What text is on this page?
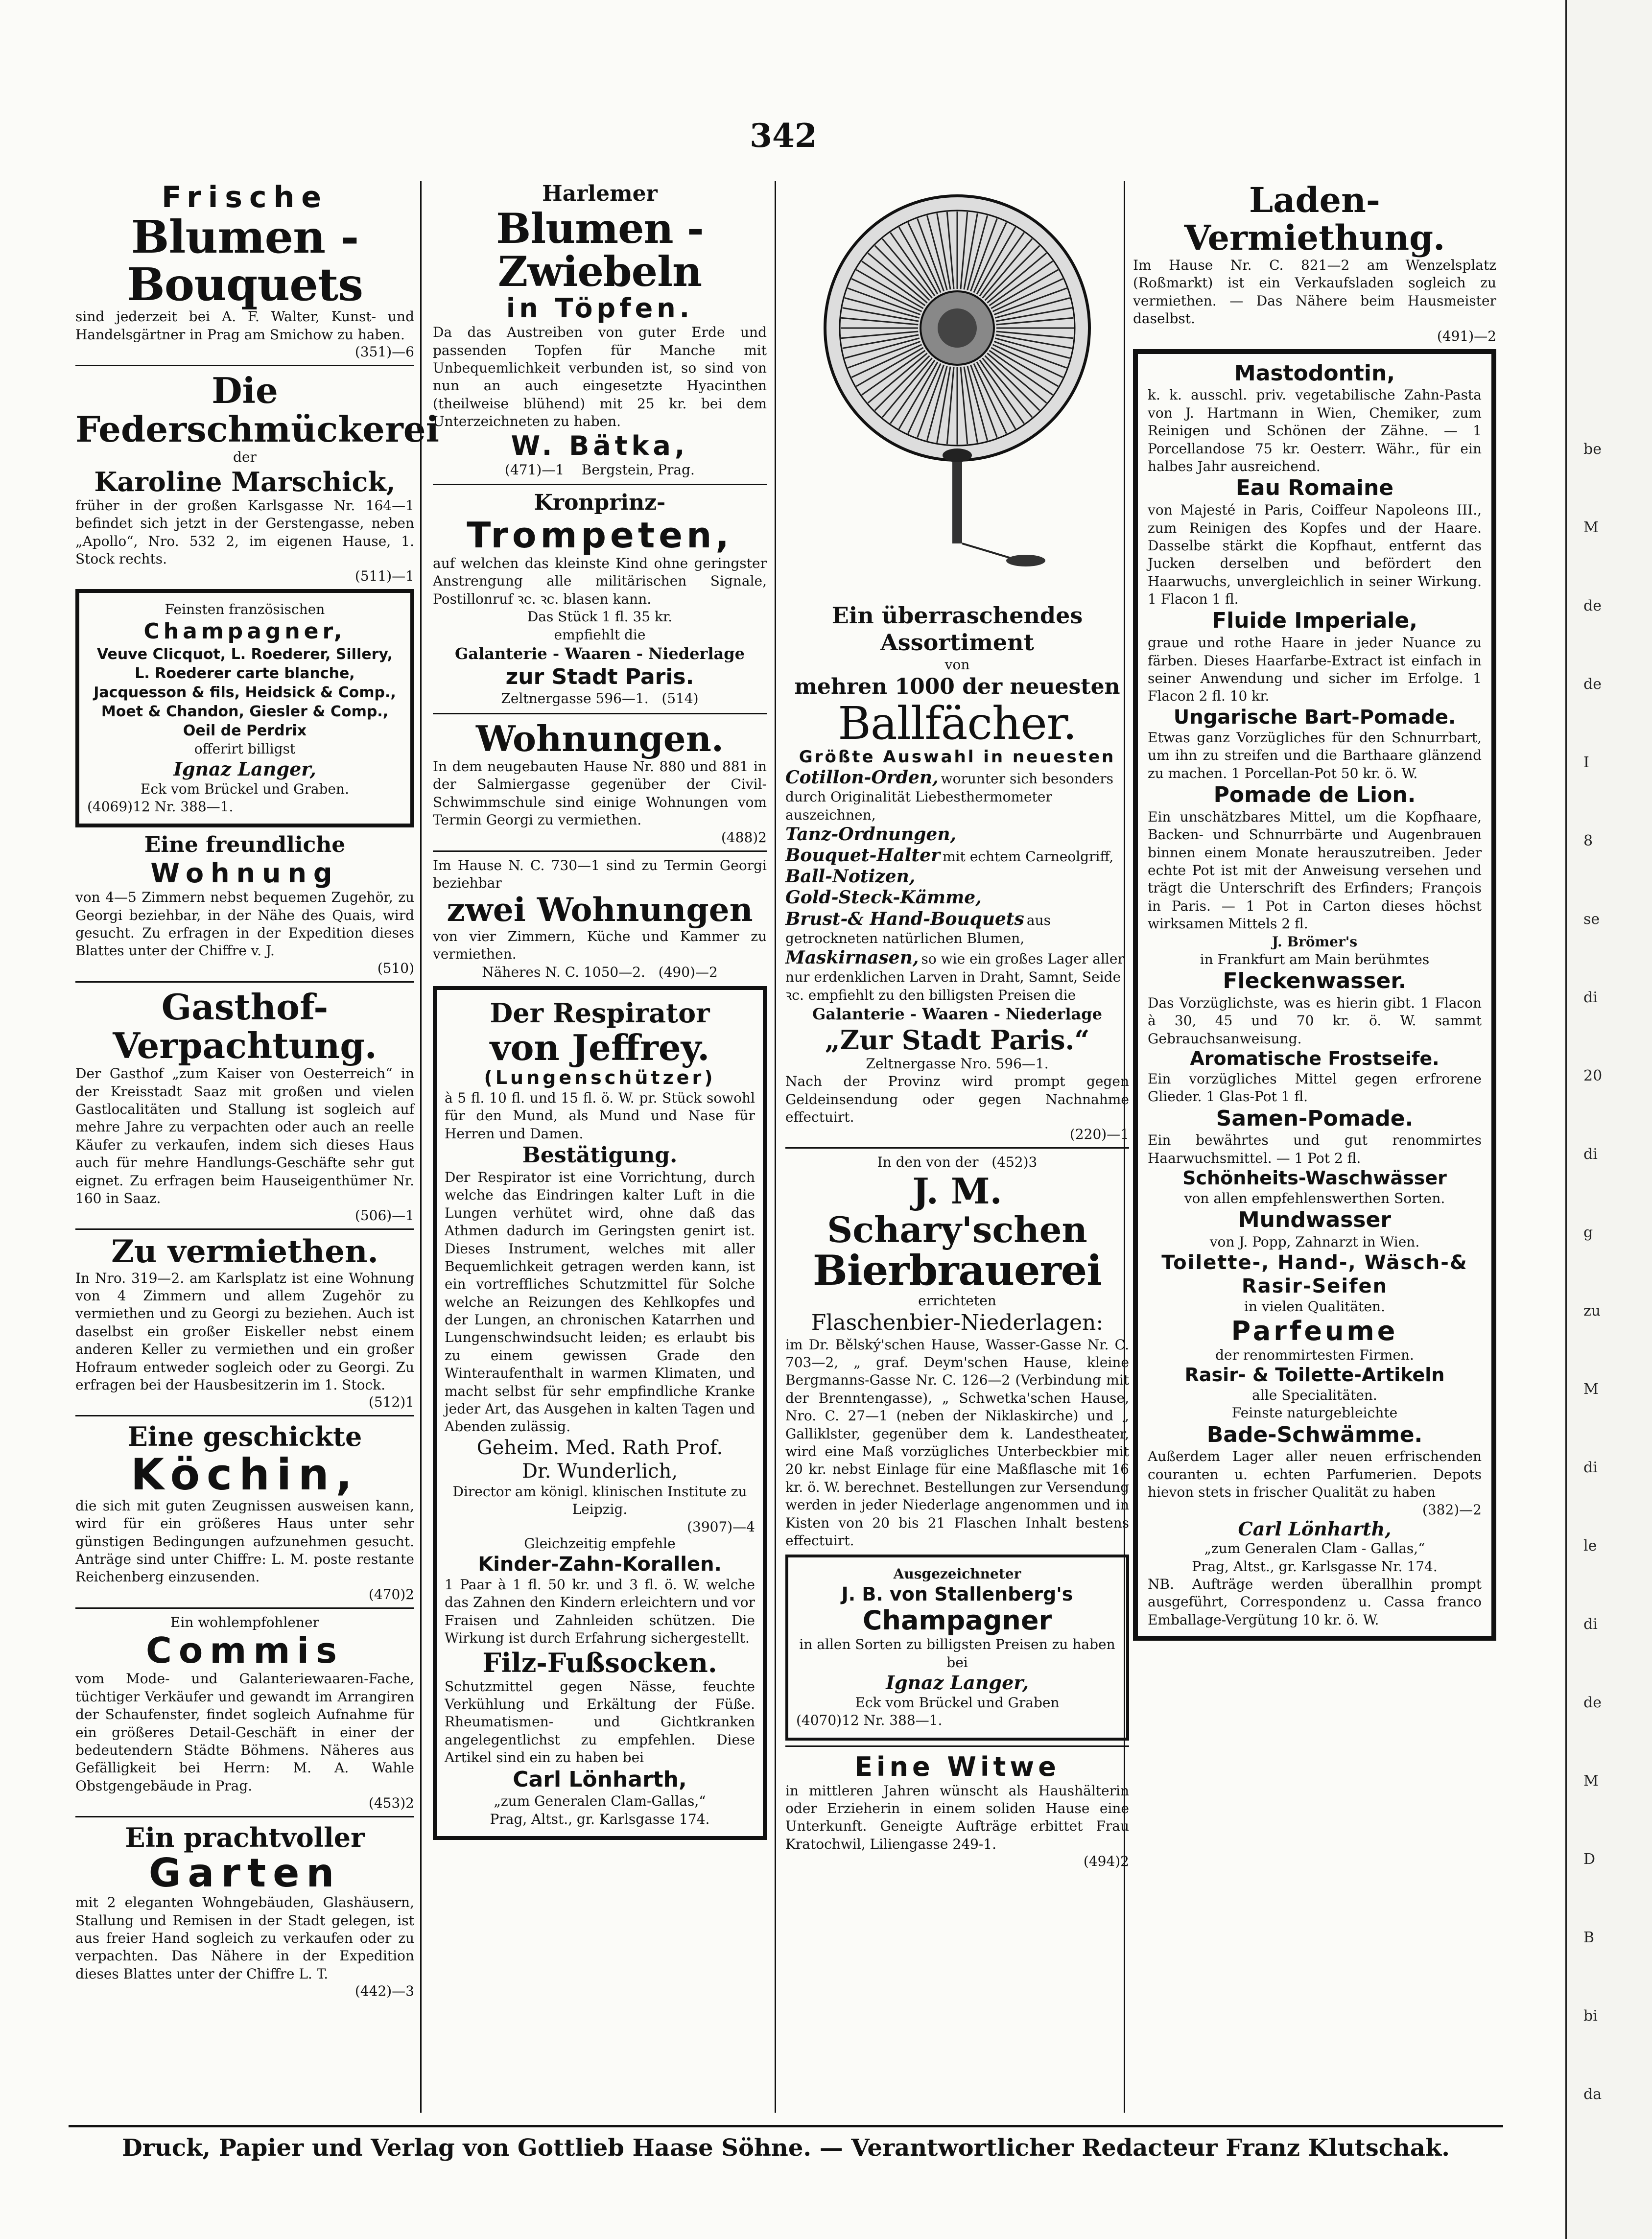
342
Frische
Blumen - Bouquets
sind jederzeit bei A. F. Walter, Kunst- und Handelsgärtner in Prag am Smichow zu haben.
(351)—6
Die Federschmückerei
der
Karoline Marschick,
früher in der großen Karlsgasse Nr. 164—1 befindet sich jetzt in der Gerstengasse, neben „Apollo“, Nro. 532 2, im eigenen Hause, 1. Stock rechts.
(511)—1
Feinsten französischen
Champagner,
Veuve Clicquot, L. Roederer, Sillery, L. Roederer carte blanche, Jacquesson & fils, Heidsick & Comp., Moet & Chandon, Giesler & Comp., Oeil de Perdrix
offerirt billigst
Ignaz Langer,
Eck vom Brückel und Graben.
(4069)12 Nr. 388—1.
Eine freundliche
Wohnung
von 4—5 Zimmern nebst bequemen Zugehör, zu Georgi beziehbar, in der Nähe des Quais, wird gesucht. Zu erfragen in der Expedition dieses Blattes unter der Chiffre v. J.
(510)
Gasthof-
Verpachtung.
Der Gasthof „zum Kaiser von Oesterreich“ in der Kreisstadt Saaz mit großen und vielen Gastlocalitäten und Stallung ist sogleich auf mehre Jahre zu verpachten oder auch an reelle Käufer zu verkaufen, indem sich dieses Haus auch für mehre Handlungs-Geschäfte sehr gut eignet. Zu erfragen beim Hauseigenthümer Nr. 160 in Saaz.
(506)—1
Zu vermiethen.
In Nro. 319—2. am Karlsplatz ist eine Wohnung von 4 Zimmern und allem Zugehör zu vermiethen und zu Georgi zu beziehen. Auch ist daselbst ein großer Eiskeller nebst einem anderen Keller zu vermiethen und ein großer Hofraum entweder sogleich oder zu Georgi. Zu erfragen bei der Hausbesitzerin im 1. Stock.
(512)1
Eine geschickte
Köchin,
die sich mit guten Zeugnissen ausweisen kann, wird für ein größeres Haus unter sehr günstigen Bedingungen aufzunehmen gesucht. Anträge sind unter Chiffre: L. M. poste restante Reichenberg einzusenden.
(470)2
Ein wohlempfohlener
Commis
vom Mode- und Galanteriewaaren-Fache, tüchtiger Verkäufer und gewandt im Arrangiren der Schaufenster, findet sogleich Aufnahme für ein größeres Detail-Geschäft in einer der bedeutendern Städte Böhmens. Näheres aus Gefälligkeit bei Herrn: M. A. Wahle Obstgengebäude in Prag.
(453)2
Ein prachtvoller
Garten
mit 2 eleganten Wohngebäuden, Glashäusern, Stallung und Remisen in der Stadt gelegen, ist aus freier Hand sogleich zu verkaufen oder zu verpachten. Das Nähere in der Expedition dieses Blattes unter der Chiffre L. T.
(442)—3
Harlemer
Blumen - Zwiebeln
in Töpfen.
Da das Austreiben von guter Erde und passenden Topfen für Manche mit Unbequemlichkeit verbunden ist, so sind von nun an auch eingesetzte Hyacinthen (theilweise blühend) mit 25 kr. bei dem Unterzeichneten zu haben.
W. Bätka,
(471)—1 Bergstein, Prag.
Kronprinz-
Trompeten,
auf welchen das kleinste Kind ohne geringster Anstrengung alle militärischen Signale, Postillonruf ꝛc. ꝛc. blasen kann.
Das Stück 1 fl. 35 kr.
empfiehlt die
Galanterie - Waaren - Niederlage
zur Stadt Paris.
Zeltnergasse 596—1. (514)
Wohnungen.
In dem neugebauten Hause Nr. 880 und 881 in der Salmiergasse gegenüber der Civil-Schwimmschule sind einige Wohnungen vom Termin Georgi zu vermiethen.
(488)2
Im Hause N. C. 730—1 sind zu Termin Georgi beziehbar
zwei Wohnungen
von vier Zimmern, Küche und Kammer zu vermiethen.
Näheres N. C. 1050—2. (490)—2
Der Respirator
von Jeffrey.
(Lungenschützer)
à 5 fl. 10 fl. und 15 fl. ö. W. pr. Stück sowohl für den Mund, als Mund und Nase für Herren und Damen.
Bestätigung.
Der Respirator ist eine Vorrichtung, durch welche das Eindringen kalter Luft in die Lungen verhütet wird, ohne daß das Athmen dadurch im Geringsten genirt ist. Dieses Instrument, welches mit aller Bequemlichkeit getragen werden kann, ist ein vortreffliches Schutzmittel für Solche welche an Reizungen des Kehlkopfes und der Lungen, an chronischen Katarrhen und Lungenschwindsucht leiden; es erlaubt bis zu einem gewissen Grade den Winteraufenthalt in warmen Klimaten, und macht selbst für sehr empfindliche Kranke jeder Art, das Ausgehen in kalten Tagen und Abenden zulässig.
Geheim. Med. Rath Prof.
Dr. Wunderlich,
Director am königl. klinischen Institute zu Leipzig.
(3907)—4
Gleichzeitig empfehle
Kinder-Zahn-Korallen.
1 Paar à 1 fl. 50 kr. und 3 fl. ö. W. welche das Zahnen den Kindern erleichtern und vor Fraisen und Zahnleiden schützen. Die Wirkung ist durch Erfahrung sichergestellt.
Filz-Fußsocken.
Schutzmittel gegen Nässe, feuchte Verkühlung und Erkältung der Füße. Rheumatismen- und Gichtkranken angelegentlichst zu empfehlen. Diese Artikel sind ein zu haben bei
Carl Lönharth,
„zum Generalen Clam-Gallas,“
Prag, Altst., gr. Karlsgasse 174.
Ein überraschendes Assortiment
von
mehren 1000 der neuesten
Ballfächer.
Größte Auswahl in neuesten
Cotillon-Orden, worunter sich besonders durch Originalität Liebesthermometer auszeichnen,
Tanz-Ordnungen,
Bouquet-Halter mit echtem Carneolgriff,
Ball-Notizen,
Gold-Steck-Kämme,
Brust-& Hand-Bouquets aus getrockneten natürlichen Blumen,
Maskirnasen, so wie ein großes Lager aller nur erdenklichen Larven in Draht, Samnt, Seide ꝛc. empfiehlt zu den billigsten Preisen die
Galanterie - Waaren - Niederlage
„Zur Stadt Paris.“
Zeltnergasse Nro. 596—1.
Nach der Provinz wird prompt gegen Geldeinsendung oder gegen Nachnahme effectuirt.
(220)—1
In den von der (452)3
J. M. Schary'schen
Bierbrauerei
errichteten
Flaschenbier-Niederlagen:
im Dr. Bělský'schen Hause, Wasser-Gasse Nr. C. 703—2, „ graf. Deym'schen Hause, kleine Bergmanns-Gasse Nr. C. 126—2 (Verbindung mit der Brenntengasse), „ Schwetka'schen Hause, Nro. C. 27—1 (neben der Niklaskirche) und „ Galliklster, gegenüber dem k. Landestheater, wird eine Maß vorzügliches Unterbeckbier mit 20 kr. nebst Einlage für eine Maßflasche mit 16 kr. ö. W. berechnet. Bestellungen zur Versendung werden in jeder Niederlage angenommen und in Kisten von 20 bis 21 Flaschen Inhalt bestens effectuirt.
Ausgezeichneter
J. B. von Stallenberg's
Champagner
in allen Sorten zu billigsten Preisen zu haben bei
Ignaz Langer,
Eck vom Brückel und Graben
(4070)12 Nr. 388—1.
Eine Witwe
in mittleren Jahren wünscht als Haushälterin oder Erzieherin in einem soliden Hause eine Unterkunft. Geneigte Aufträge erbittet Frau Kratochwil, Liliengasse 249-1.
(494)2
Laden-Vermiethung.
Im Hause Nr. C. 821—2 am Wenzelsplatz (Roßmarkt) ist ein Verkaufsladen sogleich zu vermiethen. — Das Nähere beim Hausmeister daselbst.
(491)—2
Mastodontin,
k. k. ausschl. priv. vegetabilische Zahn-Pasta von J. Hartmann in Wien, Chemiker, zum Reinigen und Schönen der Zähne. — 1 Porcellandose 75 kr. Oesterr. Währ., für ein halbes Jahr ausreichend.
Eau Romaine
von Majesté in Paris, Coiffeur Napoleons III., zum Reinigen des Kopfes und der Haare. Dasselbe stärkt die Kopfhaut, entfernt das Jucken derselben und befördert den Haarwuchs, unvergleichlich in seiner Wirkung. 1 Flacon 1 fl.
Fluide Imperiale,
graue und rothe Haare in jeder Nuance zu färben. Dieses Haarfarbe-Extract ist einfach in seiner Anwendung und sicher im Erfolge. 1 Flacon 2 fl. 10 kr.
Ungarische Bart-Pomade.
Etwas ganz Vorzügliches für den Schnurrbart, um ihn zu streifen und die Barthaare glänzend zu machen. 1 Porcellan-Pot 50 kr. ö. W.
Pomade de Lion.
Ein unschätzbares Mittel, um die Kopfhaare, Backen- und Schnurrbärte und Augenbrauen binnen einem Monate herauszutreiben. Jeder echte Pot ist mit der Anweisung versehen und trägt die Unterschrift des Erfinders; François in Paris. — 1 Pot in Carton dieses höchst wirksamen Mittels 2 fl.
J. Brömer's
in Frankfurt am Main berühmtes
Fleckenwasser.
Das Vorzüglichste, was es hierin gibt. 1 Flacon à 30, 45 und 70 kr. ö. W. sammt Gebrauchsanweisung.
Aromatische Frostseife.
Ein vorzügliches Mittel gegen erfrorene Glieder. 1 Glas-Pot 1 fl.
Samen-Pomade.
Ein bewährtes und gut renommirtes Haarwuchsmittel. — 1 Pot 2 fl.
Schönheits-Waschwässer
von allen empfehlenswerthen Sorten.
Mundwasser
von J. Popp, Zahnarzt in Wien.
Toilette-, Hand-, Wäsch-& Rasir-Seifen
in vielen Qualitäten.
Parfeume
der renommirtesten Firmen.
Rasir- & Toilette-Artikeln
alle Specialitäten.
Feinste naturgebleichte
Bade-Schwämme.
Außerdem Lager aller neuen erfrischenden couranten u. echten Parfumerien. Depots hievon stets in frischer Qualität zu haben
(382)—2
Carl Lönharth,
„zum Generalen Clam - Gallas,“
Prag, Altst., gr. Karlsgasse Nr. 174.
NB. Aufträge werden überallhin prompt ausgeführt, Correspondenz u. Cassa franco Emballage-Vergütung 10 kr. ö. W.
Druck, Papier und Verlag von Gottlieb Haase Söhne. — Verantwortlicher Redacteur Franz Klutschak.
be
M
de
de
I
8
se
di
20
di
g
zu
M
di
le
di
de
M
D
B
bi
da
